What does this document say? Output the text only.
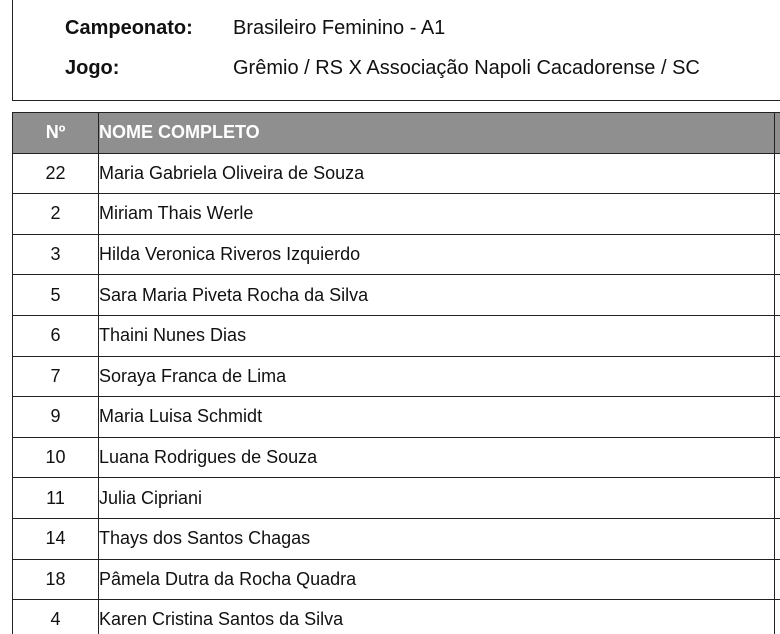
Campeonato: Brasileiro Feminino - A1
Jogo:	Grêmio / RS X Associação Napoli Cacadorense / SC
Nº	NOME COMPLETO	
22	Maria Gabriela Oliveira de Souza	
2	Miriam Thais Werle	
3	Hilda Veronica Riveros Izquierdo	
5	Sara Maria Piveta Rocha da Silva	
6	Thaini Nunes Dias	
7	Soraya Franca de Lima	
9	Maria Luisa Schmidt	
10	Luana Rodrigues de Souza	
11	Julia Cipriani	
14	Thays dos Santos Chagas	
18	Pâmela Dutra da Rocha Quadra	
4	Karen Cristina Santos da Silva	
